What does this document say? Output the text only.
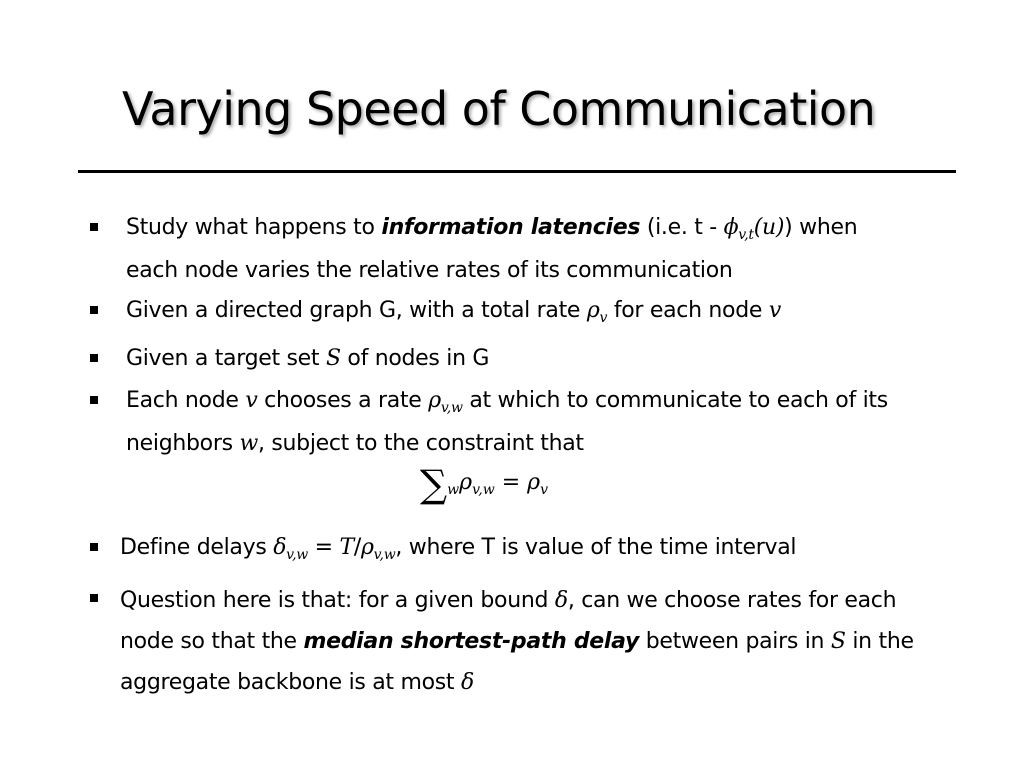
Varying Speed of Communication
Study what happens to information latencies (i.e. t - $\phi_{v,t}(u)$) when
each node varies the relative rates of its communication
Given a directed graph G, with a total rate $\rho_v$ for each node v
Given a target set S of nodes in G
Each node v chooses a rate $\rho_{v,w}$ at which to communicate to each of its
neighbors w, subject to the constraint that
$\sum_w\rho_{v,w} = \rho_v$
Define delays $\delta_{v,w} = T/\rho_{v,w}$, where T is value of the time interval
Question here is that: for a given bound δ, can we choose rates for each
node so that the median shortest-path delay between pairs in S in the
aggregate backbone is at most δ
